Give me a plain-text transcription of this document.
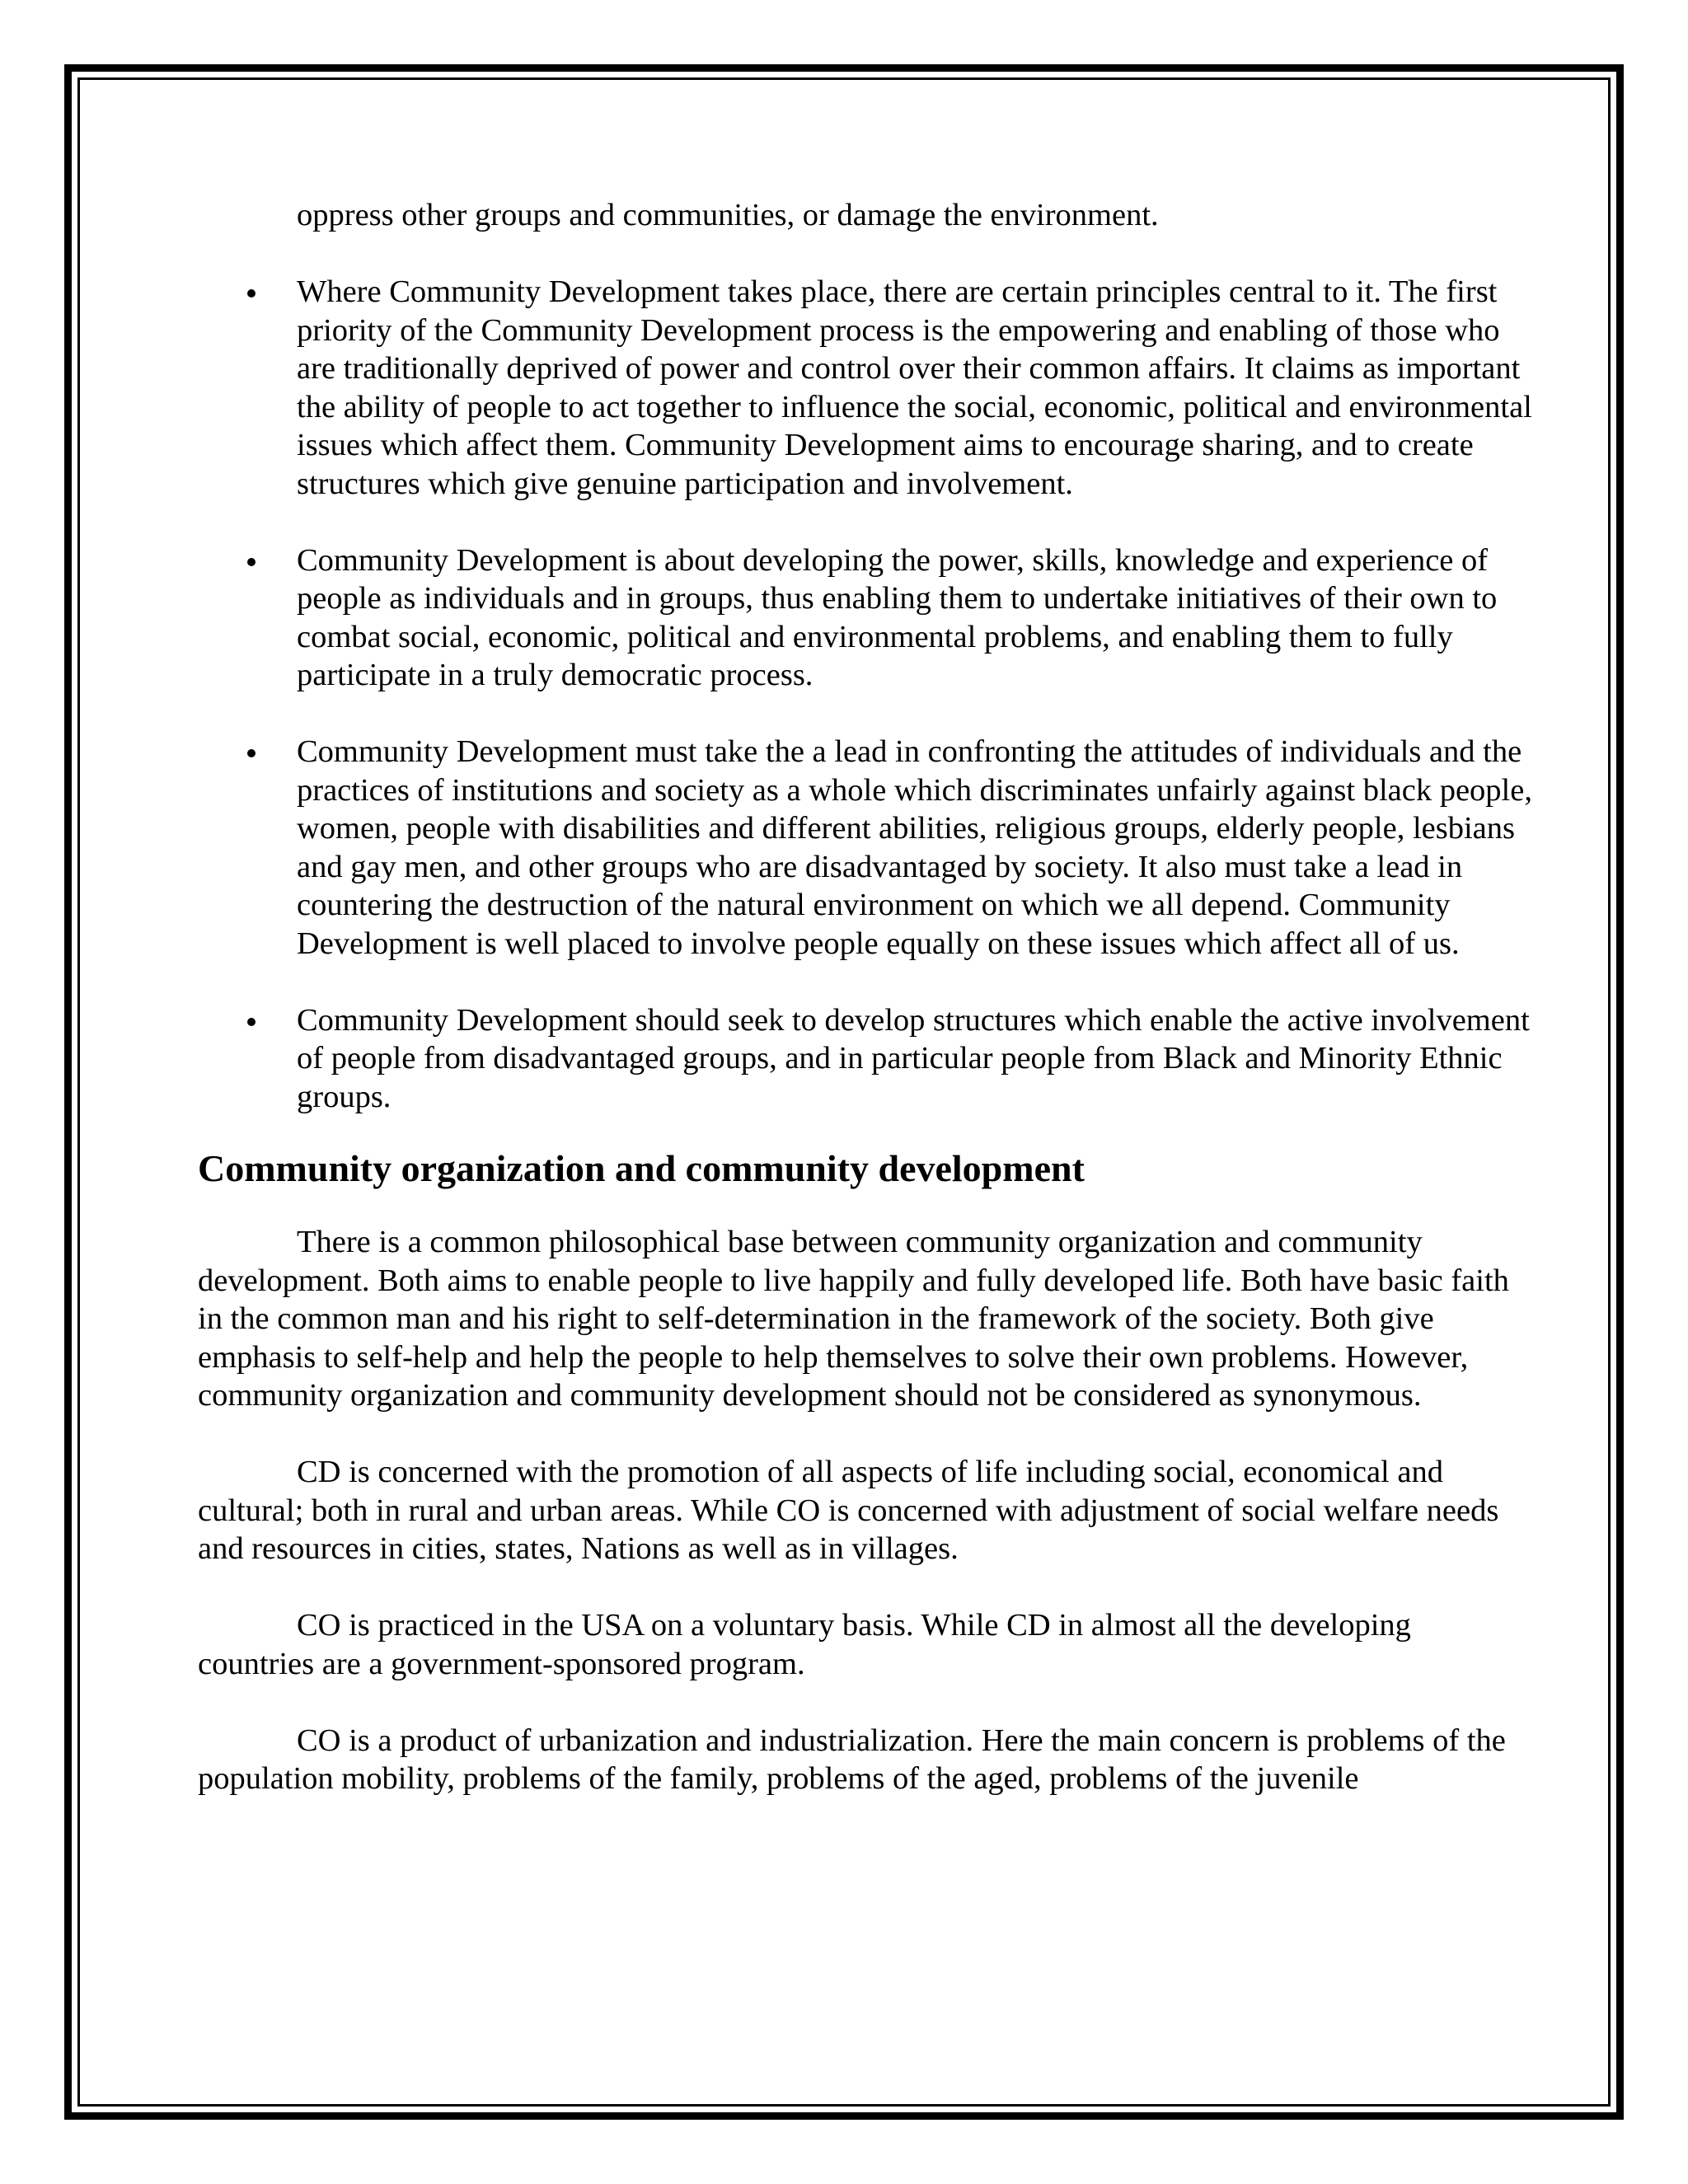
oppress other groups and communities, or damage the environment.

Where Community Development takes place, there are certain principles central to it. The first priority of the Community Development process is the empowering and enabling of those who are traditionally deprived of power and control over their common affairs. It claims as important the ability of people to act together to influence the social, economic, political and environmental issues which affect them. Community Development aims to encourage sharing, and to create structures which give genuine participation and involvement.
Community Development is about developing the power, skills, knowledge and experience of people as individuals and in groups, thus enabling them to undertake initiatives of their own to combat social, economic, political and environmental problems, and enabling them to fully participate in a truly democratic process.
Community Development must take the a lead in confronting the attitudes of individuals and the practices of institutions and society as a whole which discriminates unfairly against black people, women, people with disabilities and different abilities, religious groups, elderly people, lesbians and gay men, and other groups who are disadvantaged by society. It also must take a lead in countering the destruction of the natural environment on which we all depend. Community Development is well placed to involve people equally on these issues which affect all of us.
Community Development should seek to develop structures which enable the active involvement of people from disadvantaged groups, and in particular people from Black and Minority Ethnic groups.
Community organization and community development

There is a common philosophical base between community organization and community development. Both aims to enable people to live happily and fully developed life. Both have basic faith in the common man and his right to self-determination in the framework of the society. Both give emphasis to self-help and help the people to help themselves to solve their own problems. However, community organization and community development should not be considered as synonymous.

CD is concerned with the promotion of all aspects of life including social, economical and cultural; both in rural and urban areas. While CO is concerned with adjustment of social welfare needs and resources in cities, states, Nations as well as in villages.

CO is practiced in the USA on a voluntary basis. While CD in almost all the developing countries are a government-sponsored program.

CO is a product of urbanization and industrialization. Here the main concern is problems of the population mobility, problems of the family, problems of the aged, problems of the juvenile
